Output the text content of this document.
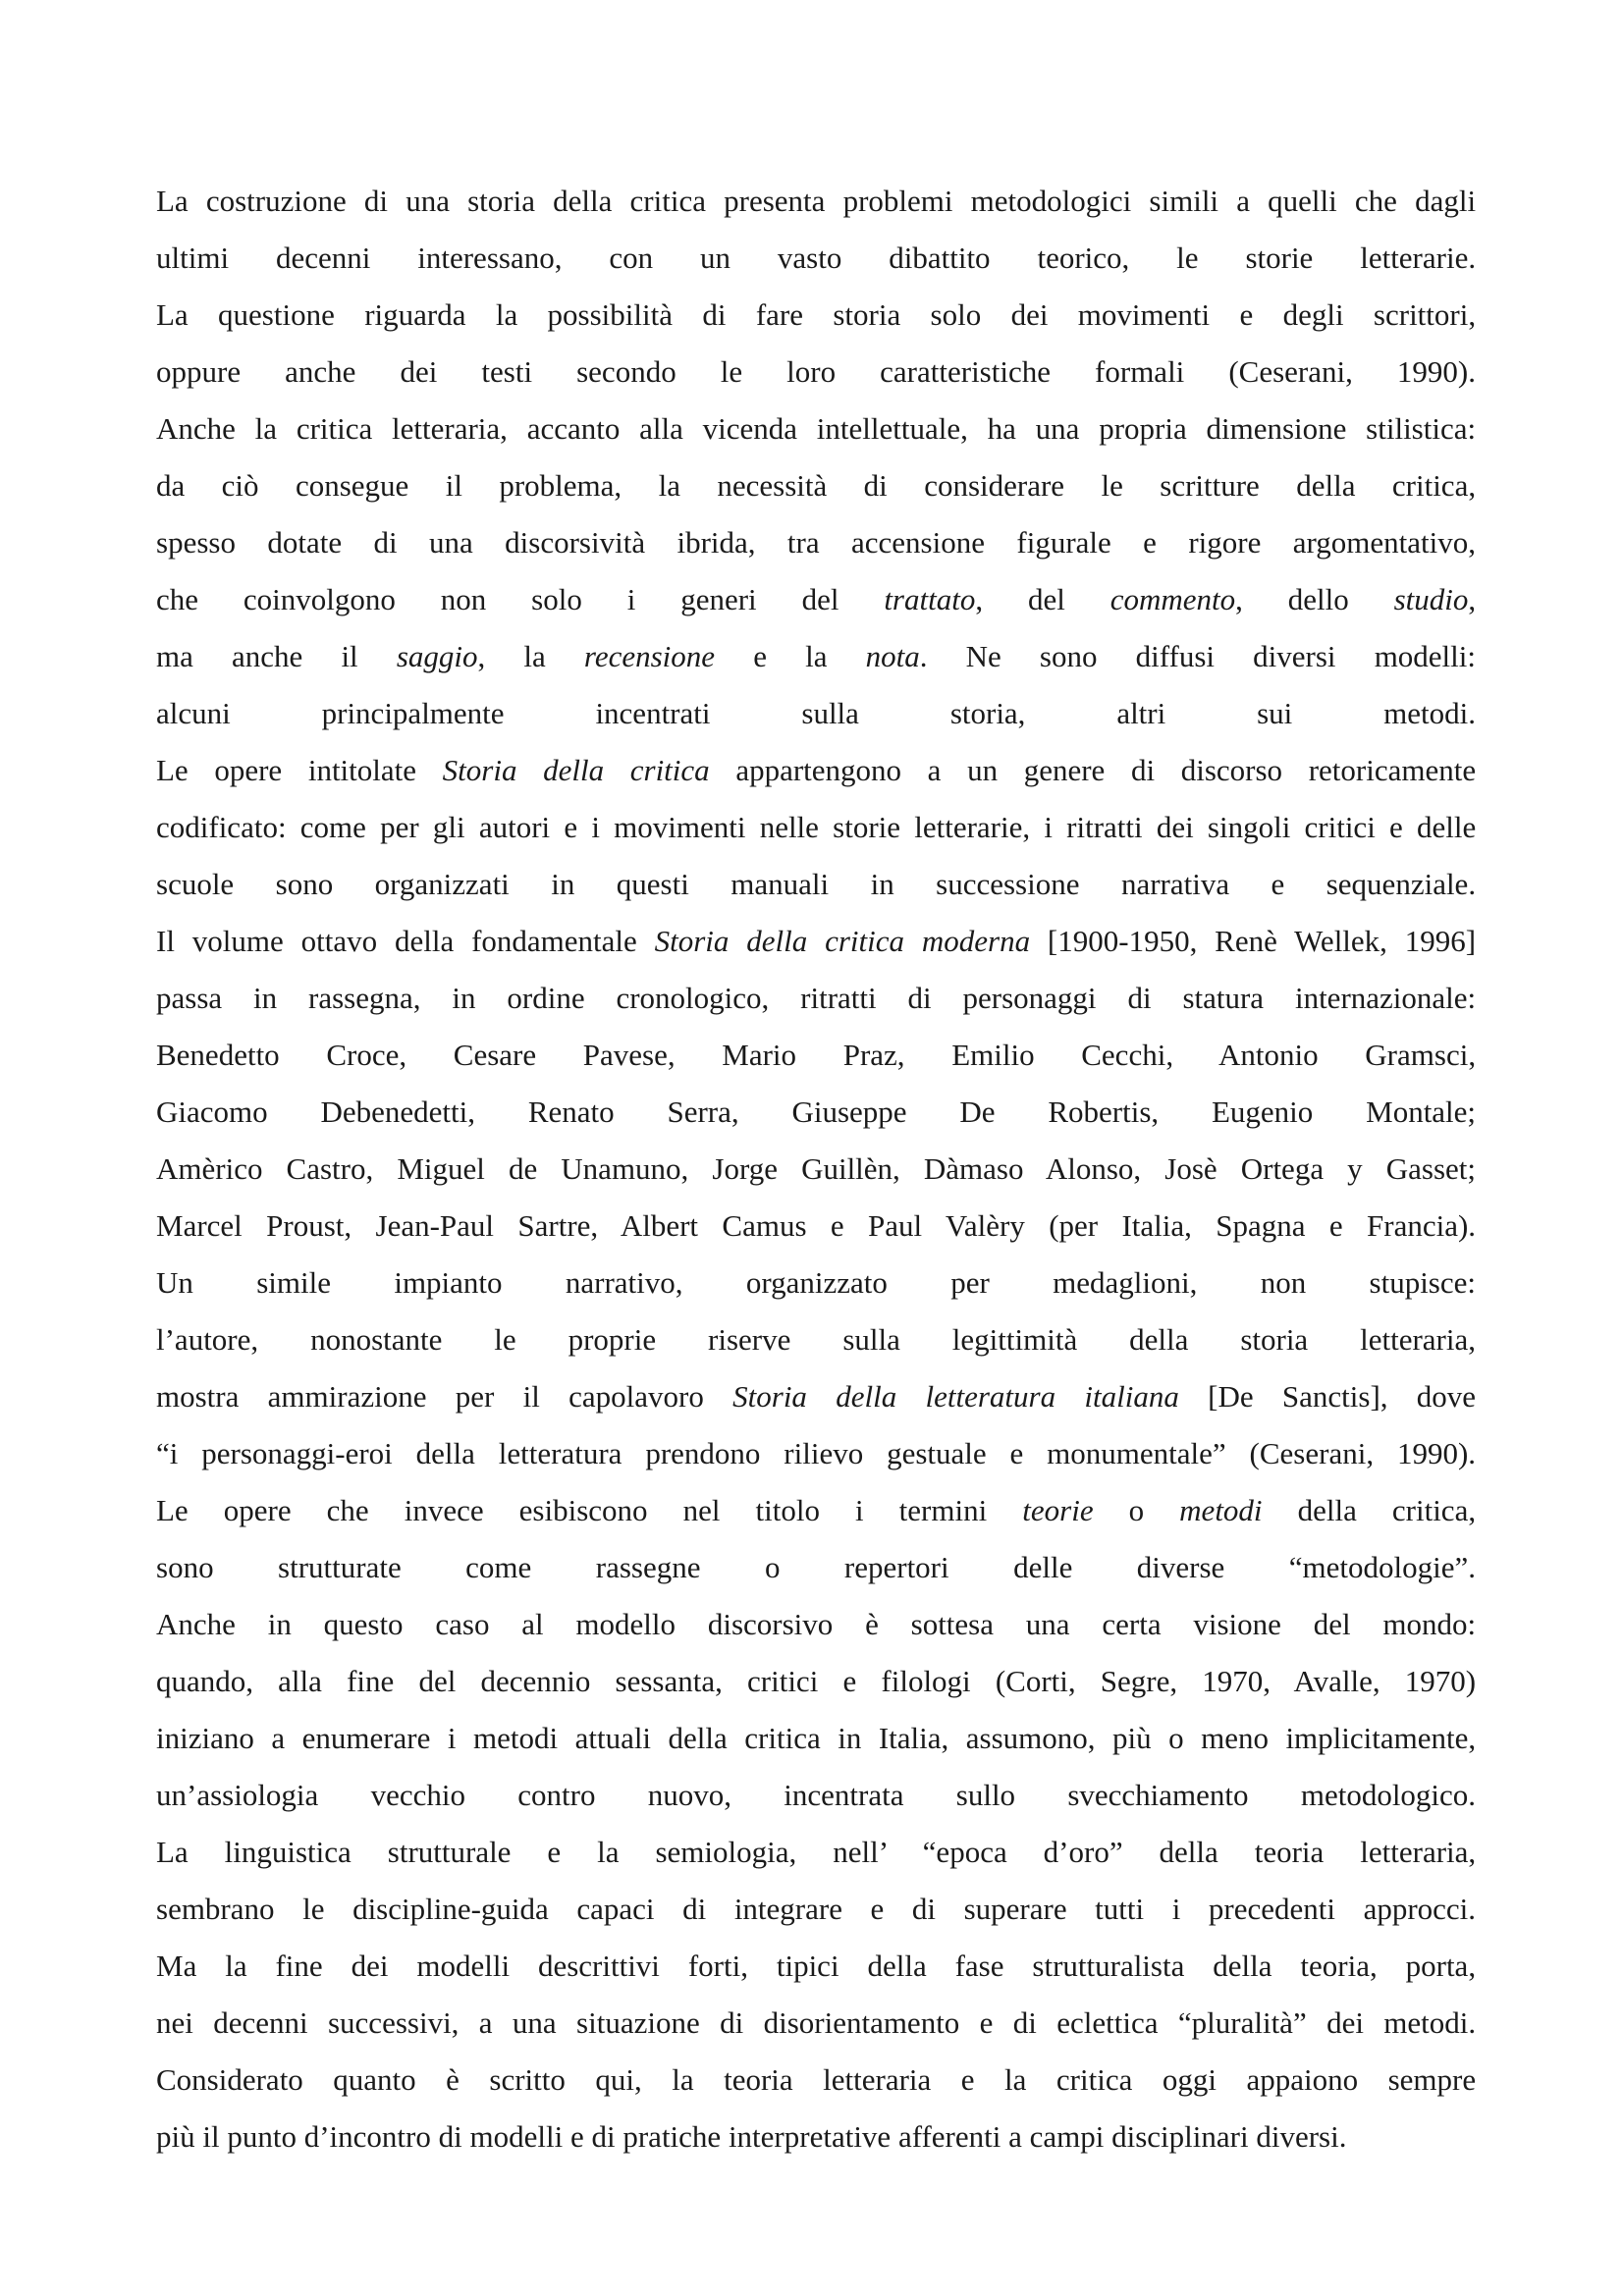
La costruzione di una storia della critica presenta problemi metodologici simili a quelli che dagli
ultimi decenni interessano, con un vasto dibattito teorico, le storie letterarie.
La questione riguarda la possibilità di fare storia solo dei movimenti e degli scrittori,
oppure anche dei testi secondo le loro caratteristiche formali (Ceserani, 1990).
Anche la critica letteraria, accanto alla vicenda intellettuale, ha una propria dimensione stilistica:
da ciò consegue il problema, la necessità di considerare le scritture della critica,
spesso dotate di una discorsività ibrida, tra accensione figurale e rigore argomentativo,
che coinvolgono non solo i generi del trattato, del commento, dello studio,
ma anche il saggio, la recensione e la nota. Ne sono diffusi diversi modelli:
alcuni	principalmente	incentrati	sulla	storia,	altri	sui	metodi.
Le opere intitolate Storia della critica appartengono a un genere di discorso retoricamente
codificato: come per gli autori e i movimenti nelle storie letterarie, i ritratti dei singoli critici e delle
scuole sono organizzati in questi manuali in successione narrativa e sequenziale.
Il volume ottavo della fondamentale Storia della critica moderna [1900-1950, Renè Wellek, 1996]
passa in rassegna, in ordine cronologico, ritratti di personaggi di statura internazionale:
Benedetto Croce, Cesare Pavese, Mario Praz, Emilio Cecchi, Antonio Gramsci,
Giacomo Debenedetti, Renato Serra, Giuseppe De Robertis, Eugenio Montale;
Amèrico Castro, Miguel de Unamuno, Jorge Guillèn, Dàmaso Alonso, Josè Ortega y Gasset;
Marcel Proust, Jean-Paul Sartre, Albert Camus e Paul Valèry (per Italia, Spagna e Francia).
Un simile impianto narrativo, organizzato per medaglioni, non stupisce:
l’autore, nonostante le proprie riserve sulla legittimità della storia letteraria,
mostra ammirazione per il capolavoro Storia della letteratura italiana [De Sanctis], dove
“i personaggi-eroi della letteratura prendono rilievo gestuale e monumentale” (Ceserani, 1990).
Le opere che invece esibiscono nel titolo i termini teorie o metodi della critica,
sono strutturate come rassegne o repertori delle diverse “metodologie”.
Anche in questo caso al modello discorsivo è sottesa una certa visione del mondo:
quando, alla fine del decennio sessanta, critici e filologi (Corti, Segre, 1970, Avalle, 1970)
iniziano a enumerare i metodi attuali della critica in Italia, assumono, più o meno implicitamente,
un’assiologia vecchio contro nuovo, incentrata sullo svecchiamento metodologico.
La linguistica strutturale e la semiologia, nell’ “epoca d’oro” della teoria letteraria,
sembrano le discipline-guida capaci di integrare e di superare tutti i precedenti approcci.
Ma la fine dei modelli descrittivi forti, tipici della fase strutturalista della teoria, porta,
nei decenni successivi, a una situazione di disorientamento e di eclettica “pluralità” dei metodi.
Considerato quanto è scritto qui, la teoria letteraria e la critica oggi appaiono sempre
più il punto d’incontro di modelli e di pratiche interpretative afferenti a campi disciplinari diversi.
